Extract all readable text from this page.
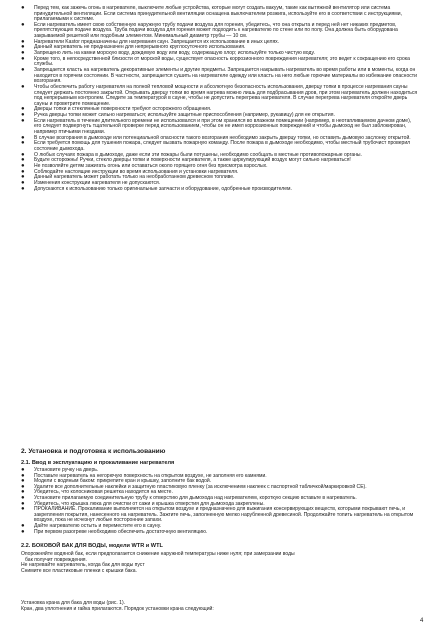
● Перед тем, как зажечь огонь в нагревателе, выключите любые устройства, которые могут создать вакуум, такие как вытяжной вентилятор или система принудительной вентиляции. Если система принудительной вентиляции оснащена выключателем розжига, используйте его в соответствии с инструкциями, прилагаемыми к системе.
● Если нагреватель имеет свою собственную наружную трубу подачи воздуха для горения, убедитесь, что она открыта и перед ней нет никаких предметов, препятствующих подаче воздуха. Труба подачи воздуха для горения может подходить к нагревателю по стене или по полу. Она должна быть оборудована закрываемой решеткой или подобным элементом. Минимальный диаметр трубы — 10 см.
● Нагреватели Kastor предназначены для нагревания саун. Запрещается их использование в иных целях.
● Данный нагреватель не предназначен для непрерывного круглосуточного использования.
● Запрещено лить на камни морскую воду, дождевую воду или воду, содержащую хлор; используйте только чистую воду.
● Кроме того, в непосредственной близости от морской воды, существует опасность коррозионного повреждения нагревателя; это ведет к сокращению его срока службы.
● Запрещается класть на нагреватель декоративные элементы и другие предметы. Запрещается накрывать нагреватель во время работы или в моменты, когда он находится в горячем состоянии. В частности, запрещается сушить на нагревателе одежду или класть на него любые горючие материалы во избежание опасности возгорания.
● Чтобы обеспечить работу нагревателя на полной тепловой мощности и абсолютную безопасность использования, дверцу топки в процессе нагревания сауны следует держать постоянно закрытой. Открывать дверцу топки во время нагрева можно лишь для подбрасывания дров, при этом нагреватель должен находиться под непрерывным контролем. Следите за температурой в сауне, чтобы не допустить перегрева нагревателя. В случае перегрева нагревателя откройте дверь сауны и проветрите помещение.
● Дверцы топки и стеклянные поверхности требуют осторожного обращения.
● Ручка дверцы топки может сильно нагреваться; используйте защитные приспособления (например, рукавицу) для ее открытия.
● Если нагреватель в течение длительного времени не использовался и при этом хранился во влажном помещении (например, в неотапливаемом дачном доме), его следует подвергнуть тщательной проверке перед использованием, чтобы он не имел коррозионных повреждений и чтобы дымоход не был заблокирован, например птичьими гнездами.
● В случае возгорания в дымоходе или потенциальной опасности такого возгорания необходимо закрыть дверцу топки, но оставить дымовую заслонку открытой.
● Если требуется помощь для тушения пожара, следует вызвать пожарную команду. После пожара в дымоходе необходимо, чтобы местный трубочист проверил состояние дымохода.
● О любых случаях пожара в дымоходе, даже если эти пожары были потушены, необходимо сообщать в местные противопожарные органы.
● Будьте осторожны! Ручки, стекло дверцы топки и поверхности нагревателя, а также циркулирующий воздух могут сильно нагреваться!
● Не позволяйте детям зажигать огонь или оставаться около горящего огня без присмотра взрослых.
● Соблюдайте настоящие инструкции во время использования и установки нагревателя.
● Данный нагреватель может работать только на необработанном древесном топливе.
● Изменения конструкции нагревателя не допускаются.
● Допускаются к использованию только оригинальные запчасти и оборудование, одобренные производителем.
2. Установка и подготовка к использованию
2.1. Ввод в эксплуатацию и прокаливание нагревателя
● Установите ручку на дверь.
● Поставьте нагреватель на негорючую поверхность на открытом воздухе, не заполняя его камнями.
● Модели с водяным баком: прикрепите кран и крышку, заполните бак водой.
● Удалите все дополнительные наклейки и защитную пластиковую пленку (за исключением наклеек с паспортной табличкой/маркировкой CE).
● Убедитесь, что колосниковая решетка находится на месте.
● Установите прилагаемую соединительную трубу к отверстию для дымохода над нагревателем, короткую секцию вставьте в нагреватель.
● Убедитесь, что крышка люка для очистки от сажи и крышка отверстия для дымохода закреплены.
● ПРОКАЛИВАНИЕ. Прокаливание выполняется на открытом воздухе и предназначено для выжигания консервирующих веществ, которыми покрывают печь, и закрепления покрытия, нанесенного на нагреватель. Зажгите печь, заполненную мелко нарубленной древесиной. Продолжайте топить нагреватель на открытом воздухе, пока не исчезнут любые посторонние запахи.
● Дайте нагревателю остыть и переместите его в сауну.
● При первом разогреве необходимо обеспечить достаточную вентиляцию.
2.2. БОКОВОЙ БАК ДЛЯ ВОДЫ, модели WTR и WTL

Опорожняйте водяной бак, если предполагается снижение наружной температуры ниже нуля; при замерзании воды

бак получит повреждения.

Не нагревайте нагреватель, когда бак для воды пуст

Снимите все пластиковые пленки с крышки бака.

Установка крана для бака для воды (рис. 1).

Кран, два уплотнения и гайка прилагаются. Порядок установки крана следующий:

4
